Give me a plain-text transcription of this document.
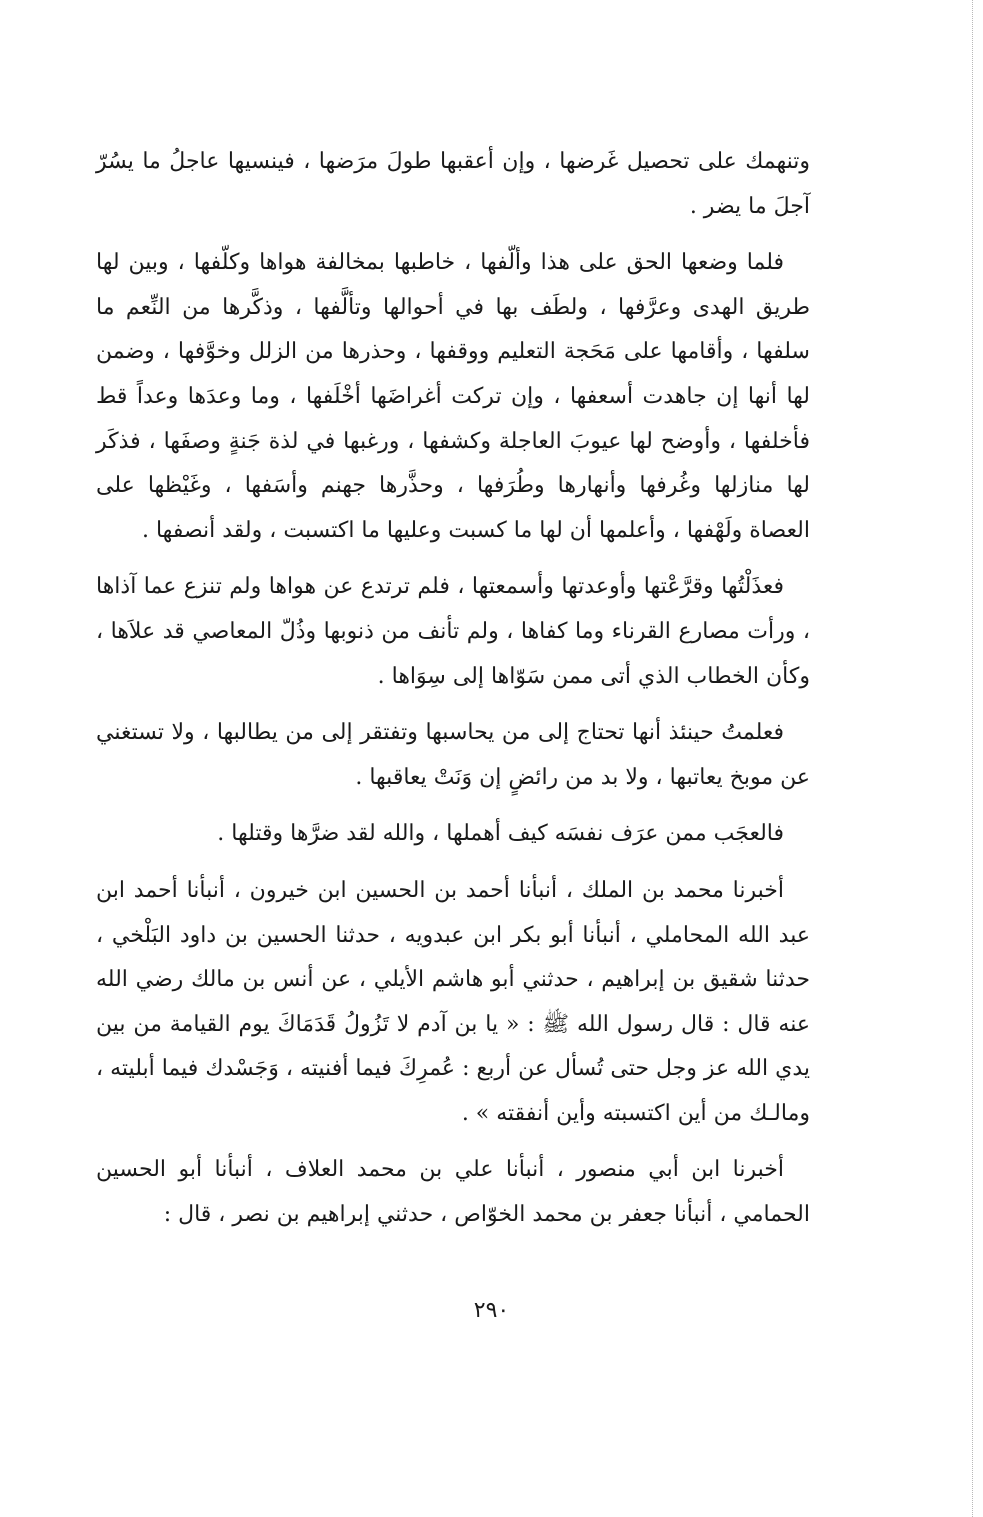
وتنهمك على تحصيل غَرضها ، وإن أعقبها طولَ مرَضها ، فينسيها عاجلُ ما يسُرّ آجلَ ما يضر .

فلما وضعها الحق على هذا وألّفها ، خاطبها بمخالفة هواها وكلّفها ، وبين لها طريق الهدى وعرَّفها ، ولطَف بها في أحوالها وتألَّفها ، وذكَّرها من النِّعم ما سلفها ، وأقامها على مَحَجة التعليم ووقفها ، وحذرها من الزلل وخوَّفها ، وضمن لها أنها إن جاهدت أسعفها ، وإن تركت أغراضَها أخْلَفها ، وما وعدَها وعداً قط فأخلفها ، وأوضح لها عيوبَ العاجلة وكشفها ، ورغبها في لذة جَنةٍ وصفَها ، فذكَر لها منازلها وغُرفها وأنهارها وطُرَفها ، وحذَّرها جهنم وأسَفها ، وغَيْظها على العصاة ولَهْفها ، وأعلمها أن لها ما كسبت وعليها ما اكتسبت ، ولقد أنصفها .

فعذَلْتُها وقرَّعْتها وأوعدتها وأسمعتها ، فلم ترتدع عن هواها ولم تنزع عما آذاها ، ورأت مصارع القرناء وما كفاها ، ولم تأنف من ذنوبها وذُلّ المعاصي قد علاَها ، وكأن الخطاب الذي أتى ممن سَوّاها إلى سِوَاها .

فعلمتُ حينئذ أنها تحتاج إلى من يحاسبها وتفتقر إلى من يطالبها ، ولا تستغني عن موبخ يعاتبها ، ولا بد من رائضٍ إن وَنَتْ يعاقبها .

فالعجَب ممن عرَف نفسَه كيف أهملها ، والله لقد ضرَّها وقتلها .

أخبرنا محمد بن الملك ، أنبأنا أحمد بن الحسين ابن خيرون ، أنبأنا أحمد ابن عبد الله المحاملي ، أنبأنا أبو بكر ابن عبدويه ، حدثنا الحسين بن داود البَلْخي ، حدثنا شقيق بن إبراهيم ، حدثني أبو هاشم الأيلي ، عن أنس بن مالك رضي الله عنه قال : قال رسول الله ﷺ : « يا بن آدم لا تَزُولُ قَدَمَاكَ يوم القيامة من بين يدي الله عز وجل حتى تُسأل عن أربع : عُمرِكَ فيما أفنيته ، وَجَسْدك فيما أبليته ، ومالـك من أين اكتسبته وأين أنفقته » .

أخبرنا ابن أبي منصور ، أنبأنا علي بن محمد العلاف ، أنبأنا أبو الحسين الحمامي ، أنبأنا جعفر بن محمد الخوّاص ، حدثني إبراهيم بن نصر ، قال :

٢٩٠
